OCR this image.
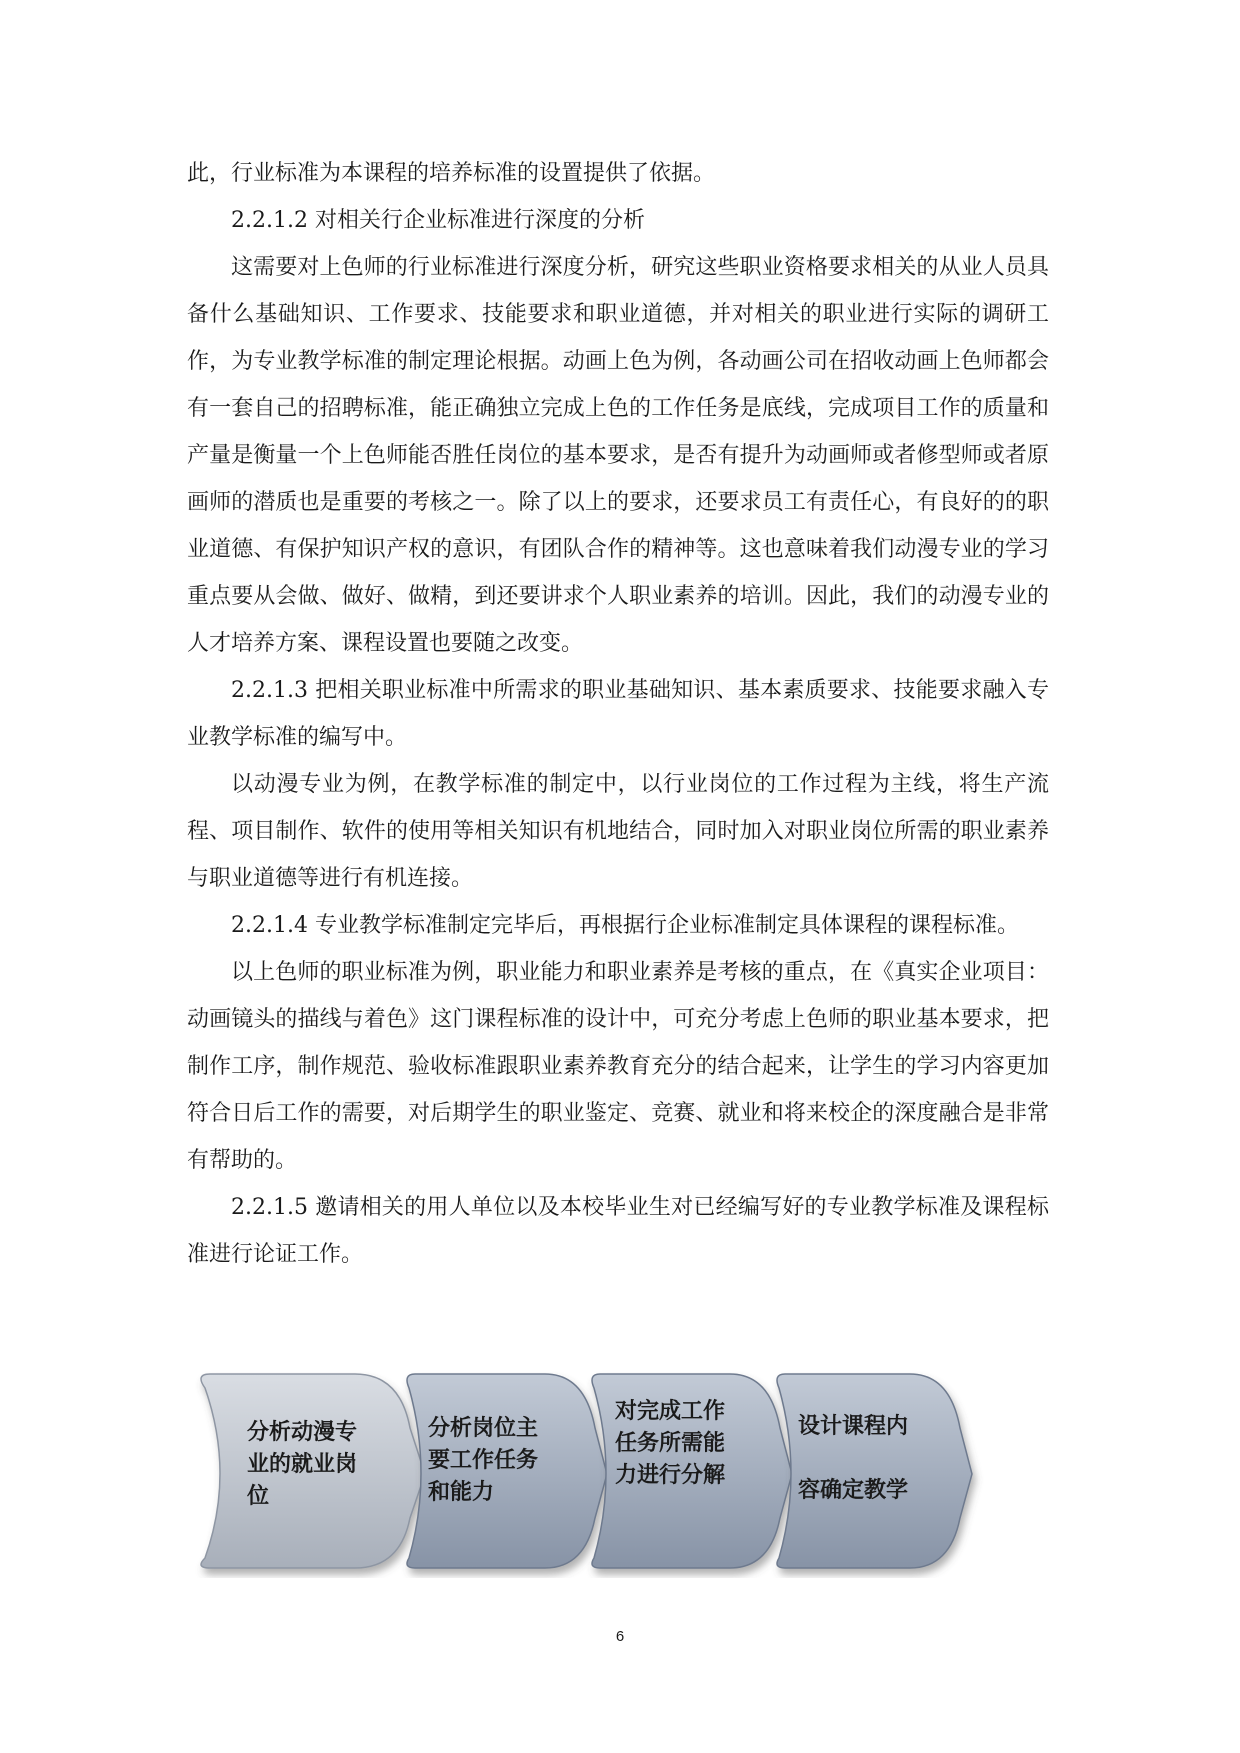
此，行业标准为本课程的培养标准的设置提供了依据。

2.2.1.2 对相关行企业标准进行深度的分析

这需要对上色师的行业标准进行深度分析，研究这些职业资格要求相关的从业人员具备什么基础知识、工作要求、技能要求和职业道德，并对相关的职业进行实际的调研工作，为专业教学标准的制定理论根据。动画上色为例，各动画公司在招收动画上色师都会有一套自己的招聘标准，能正确独立完成上色的工作任务是底线，完成项目工作的质量和产量是衡量一个上色师能否胜任岗位的基本要求，是否有提升为动画师或者修型师或者原画师的潜质也是重要的考核之一。除了以上的要求，还要求员工有责任心，有良好的的职业道德、有保护知识产权的意识，有团队合作的精神等。这也意味着我们动漫专业的学习重点要从会做、做好、做精，到还要讲求个人职业素养的培训。因此，我们的动漫专业的人才培养方案、课程设置也要随之改变。

2.2.1.3 把相关职业标准中所需求的职业基础知识、基本素质要求、技能要求融入专业教学标准的编写中。

以动漫专业为例，在教学标准的制定中，以行业岗位的工作过程为主线，将生产流程、项目制作、软件的使用等相关知识有机地结合，同时加入对职业岗位所需的职业素养与职业道德等进行有机连接。

2.2.1.4 专业教学标准制定完毕后，再根据行企业标准制定具体课程的课程标准。

以上色师的职业标准为例，职业能力和职业素养是考核的重点，在《真实企业项目：动画镜头的描线与着色》这门课程标准的设计中，可充分考虑上色师的职业基本要求，把制作工序，制作规范、验收标准跟职业素养教育充分的结合起来，让学生的学习内容更加符合日后工作的需要，对后期学生的职业鉴定、竞赛、就业和将来校企的深度融合是非常有帮助的。

2.2.1.5 邀请相关的用人单位以及本校毕业生对已经编写好的专业教学标准及课程标准进行论证工作。

分析动漫专
业的就业岗
位
分析岗位主
要工作任务
和能力
对完成工作
任务所需能
力进行分解
设计课程内

容确定教学
6
